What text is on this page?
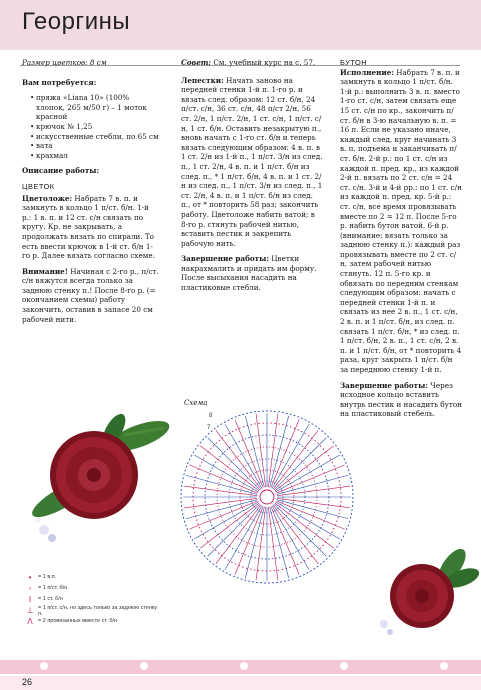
Георгины

Размер цветков: 8 см

Вам потребуется:

• пряжа «Liana 10» (100% хлопок, 265 м/50 г) – 1 моток красной
• крючок № 1,25
• искусственные стебли, по 65 см
• вата
• крахмал

Описание работы:

ЦВЕТОК

Цветоложе: Набрать 7 в. п. и замкнуть в кольцо 1 п/ст. б/н. 1-й р.: 1 в. п. и 12 ст. с/н связать по кругу. Кр. не закрывать, а продолжать вязать по спирали. То есть ввести крючок в 1-й ст. б/н 1-го р. Далее вязать согласно схеме.

Внимание! Начиная с 2-го р., п/ст. с/н вяжутся всегда только за заднюю стенку п.! После 8-го р. (= окончанием схемы) работу закончить, оставив в запасе 20 см рабочей нити.

Совет: См. учебный курс на с. 57.

Лепестки: Начать заново на передней стенки 1-й п. 1-го р. и вязать след. образом: 12 ст. б/н, 24 п/ст. с/н, 36 ст. с/н, 48 п/ст 2/н, 56 ст. 2/н, 1 п/ст. 2/н, 1 ст. с/н, 1 п/ст. с/н, 1 ст. б/н. Оставить незакрытую п., вновь начать с 1-го ст. б/н и теперь вязать следующим образом: 4 в. п. в 1 ст. 2/н из 1-й п., 1 п/ст. 3/н из след. п., 1 ст. 2/н, 4 в. п. и 1 п/ст. б/н из след. п., * 1 п/ст. б/н, 4 в. п. и 1 ст. 2/н из след. п., 1 п/ст. 3/н из след. п., 1 ст. 2/н, 4 в. п. и 1 п/ст. б/н из след. п., от * повторить 58 раз; закончить работу. Цветоложе набить ватой; в 8-го р. стянуть рабочей нитью, вставить пестик и закрепить рабочую нить.

Завершение работы: Цветки накрахмалить и придать им форму. После высыхания насадить на пластиковые стебли.

БУТОН

Исполнение: Набрать 7 в. п. и замкнуть в кольцо 1 п/ст. б/н. 1-й р.: выполнить 3 в. п. вместо 1-го ст. с/н, затем связать еще 15 ст. с/н по кр., закончить п/ст. б/н в 3-ю начальную в. п. = 16 п. Если не указано иначе, каждый след. круг начинать 3 в. п. подъема и заканчивать п/ст. б/н. 2-й р.: по 1 ст. с/н из каждой п. пред. кр., из каждой 2-й п. вязать по 2 ст. с/н = 24 ст. с/н. 3-й и 4-й рр.: по 1 ст. с/н из каждой п. пред. кр. 5-й р.: ст. с/н, все время провязывать вместе по 2 = 12 п. После 5-го р. набить бутон ватой. 6-й р. (внимание: вязать только за заднюю стенку п.): каждый раз провязывать вместе по 2 ст. с/н, затем рабочей нитью стянуть. 12 п. 5-го кр. и обвязать по передним стенкам следующим образом: начать с передней стенки 1-й п. и связать из нее 2 в. п., 1 ст. с/н, 2 в. п. и 1 п/ст. б/н, из след. п. связать 1 п/ст. б/н, * из след. п. 1 п/ст. б/н, 2 в. п., 1 ст. с/н, 2 в. п. и 1 п/ст. б/н, от * повторить 4 раза, круг закрыть 1 п/ст. б/н за переднюю стенку 1-й п.

Завершение работы: Через исходное кольцо вставить внутрь пестик и насадить бутон на пластиковый стебель.

Схема
8
7
•	= 1 в.п.
◦	= 1 п/ст. б/н
I	= 1 ст. б/н
⊥ = 1 п/ст. с/н, но здесь только за заднюю стенку п.
Λ = 2 провязанных вместе ст. б/н
26
